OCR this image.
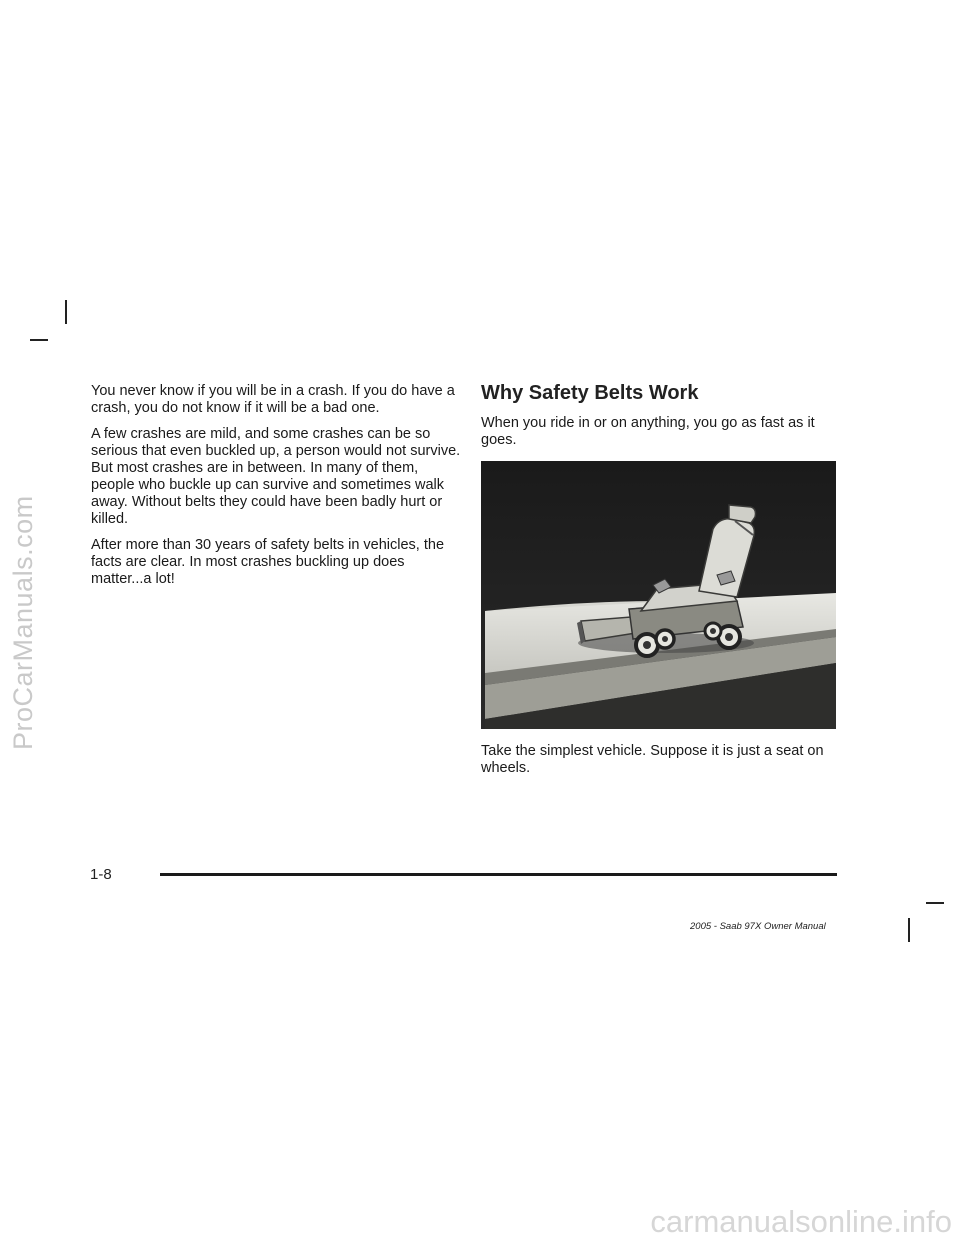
ProCarManuals.com

You never know if you will be in a crash. If you do have a crash, you do not know if it will be a bad one.

A few crashes are mild, and some crashes can be so serious that even buckled up, a person would not survive. But most crashes are in between. In many of them, people who buckle up can survive and sometimes walk away. Without belts they could have been badly hurt or killed.

After more than 30 years of safety belts in vehicles, the facts are clear. In most crashes buckling up does matter...a lot!

Why Safety Belts Work

When you ride in or on anything, you go as fast as it goes.

Take the simplest vehicle. Suppose it is just a seat on wheels.

1-8
2005 - Saab 97X Owner Manual
carmanualsonline.info
